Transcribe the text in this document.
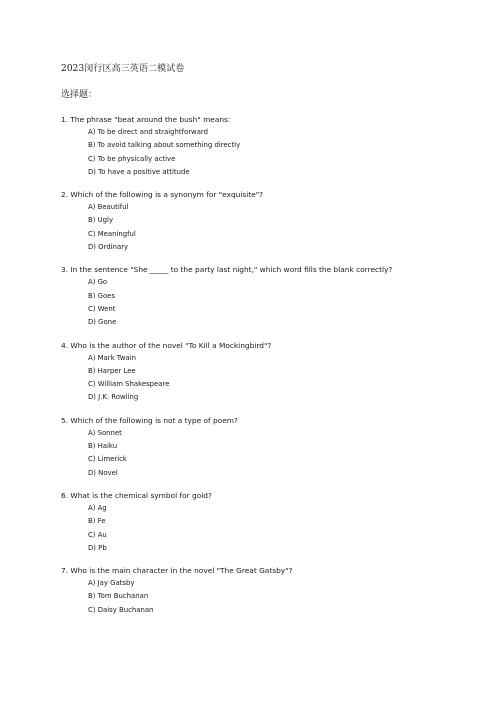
2023闵行区高三英语二模试卷
选择题：
1. The phrase "beat around the bush" means:
A) To be direct and straightforward
B) To avoid talking about something directly
C) To be physically active
D) To have a positive attitude
2. Which of the following is a synonym for "exquisite"?
A) Beautiful
B) Ugly
C) Meaningful
D) Ordinary
3. In the sentence "She _____ to the party last night," which word fills the blank correctly?
A) Go
B) Goes
C) Went
D) Gone
4. Who is the author of the novel "To Kill a Mockingbird"?
A) Mark Twain
B) Harper Lee
C) William Shakespeare
D) J.K. Rowling
5. Which of the following is not a type of poem?
A) Sonnet
B) Haiku
C) Limerick
D) Novel
6. What is the chemical symbol for gold?
A) Ag
B) Fe
C) Au
D) Pb
7. Who is the main character in the novel "The Great Gatsby"?
A) Jay Gatsby
B) Tom Buchanan
C) Daisy Buchanan
